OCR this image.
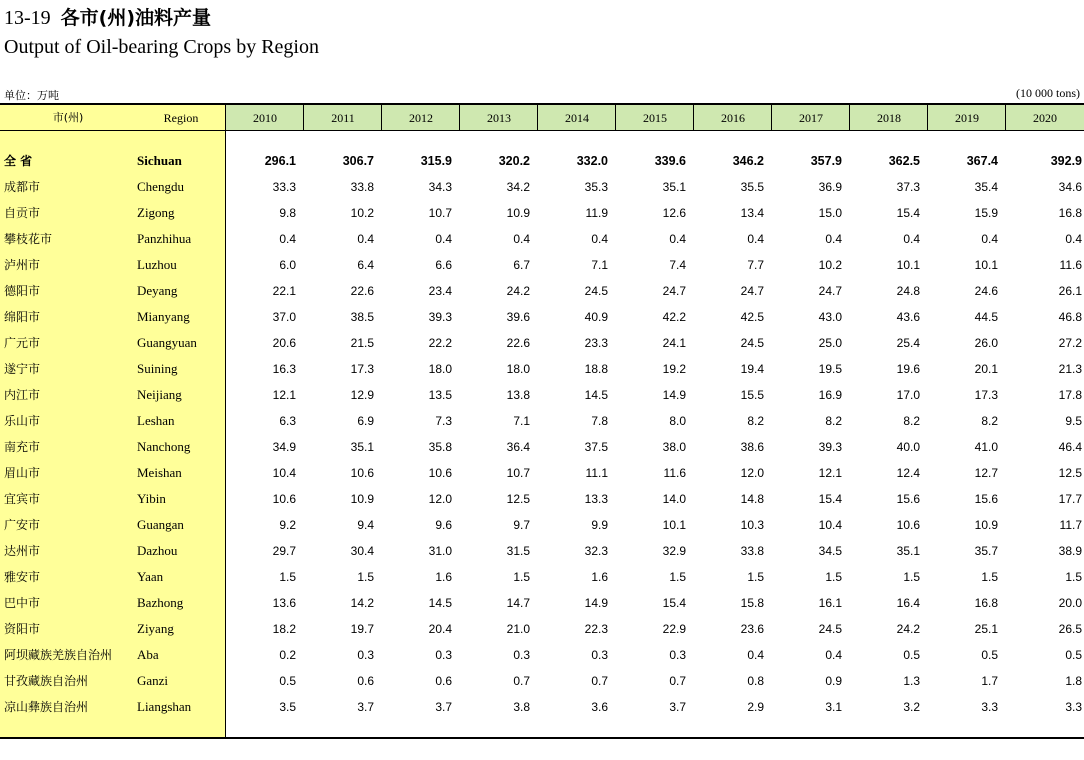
13-19 各市(州)油料产量
Output of Oil-bearing Crops by Region
单位：万吨	(10 000 tons)
市(州)	Region	2010	2011	2012	2013	2014	2015	2016	2017	2018	2019	2020
全 省	Sichuan	296.1	306.7	315.9	320.2	332.0	339.6	346.2	357.9	362.5	367.4	392.9
成都市	Chengdu	33.3	33.8	34.3	34.2	35.3	35.1	35.5	36.9	37.3	35.4	34.6
自贡市	Zigong	9.8	10.2	10.7	10.9	11.9	12.6	13.4	15.0	15.4	15.9	16.8
攀枝花市	Panzhihua	0.4	0.4	0.4	0.4	0.4	0.4	0.4	0.4	0.4	0.4	0.4
泸州市	Luzhou	6.0	6.4	6.6	6.7	7.1	7.4	7.7	10.2	10.1	10.1	11.6
德阳市	Deyang	22.1	22.6	23.4	24.2	24.5	24.7	24.7	24.7	24.8	24.6	26.1
绵阳市	Mianyang	37.0	38.5	39.3	39.6	40.9	42.2	42.5	43.0	43.6	44.5	46.8
广元市	Guangyuan	20.6	21.5	22.2	22.6	23.3	24.1	24.5	25.0	25.4	26.0	27.2
遂宁市	Suining	16.3	17.3	18.0	18.0	18.8	19.2	19.4	19.5	19.6	20.1	21.3
内江市	Neijiang	12.1	12.9	13.5	13.8	14.5	14.9	15.5	16.9	17.0	17.3	17.8
乐山市	Leshan	6.3	6.9	7.3	7.1	7.8	8.0	8.2	8.2	8.2	8.2	9.5
南充市	Nanchong	34.9	35.1	35.8	36.4	37.5	38.0	38.6	39.3	40.0	41.0	46.4
眉山市	Meishan	10.4	10.6	10.6	10.7	11.1	11.6	12.0	12.1	12.4	12.7	12.5
宜宾市	Yibin	10.6	10.9	12.0	12.5	13.3	14.0	14.8	15.4	15.6	15.6	17.7
广安市	Guangan	9.2	9.4	9.6	9.7	9.9	10.1	10.3	10.4	10.6	10.9	11.7
达州市	Dazhou	29.7	30.4	31.0	31.5	32.3	32.9	33.8	34.5	35.1	35.7	38.9
雅安市	Yaan	1.5	1.5	1.6	1.5	1.6	1.5	1.5	1.5	1.5	1.5	1.5
巴中市	Bazhong	13.6	14.2	14.5	14.7	14.9	15.4	15.8	16.1	16.4	16.8	20.0
资阳市	Ziyang	18.2	19.7	20.4	21.0	22.3	22.9	23.6	24.5	24.2	25.1	26.5
阿坝藏族羌族自治州 Aba	0.2	0.3	0.3	0.3	0.3	0.3	0.4	0.4	0.5	0.5	0.5
甘孜藏族自治州	Ganzi	0.5	0.6	0.6	0.7	0.7	0.7	0.8	0.9	1.3	1.7	1.8
凉山彝族自治州	Liangshan	3.5	3.7	3.7	3.8	3.6	3.7	2.9	3.1	3.2	3.3	3.3
